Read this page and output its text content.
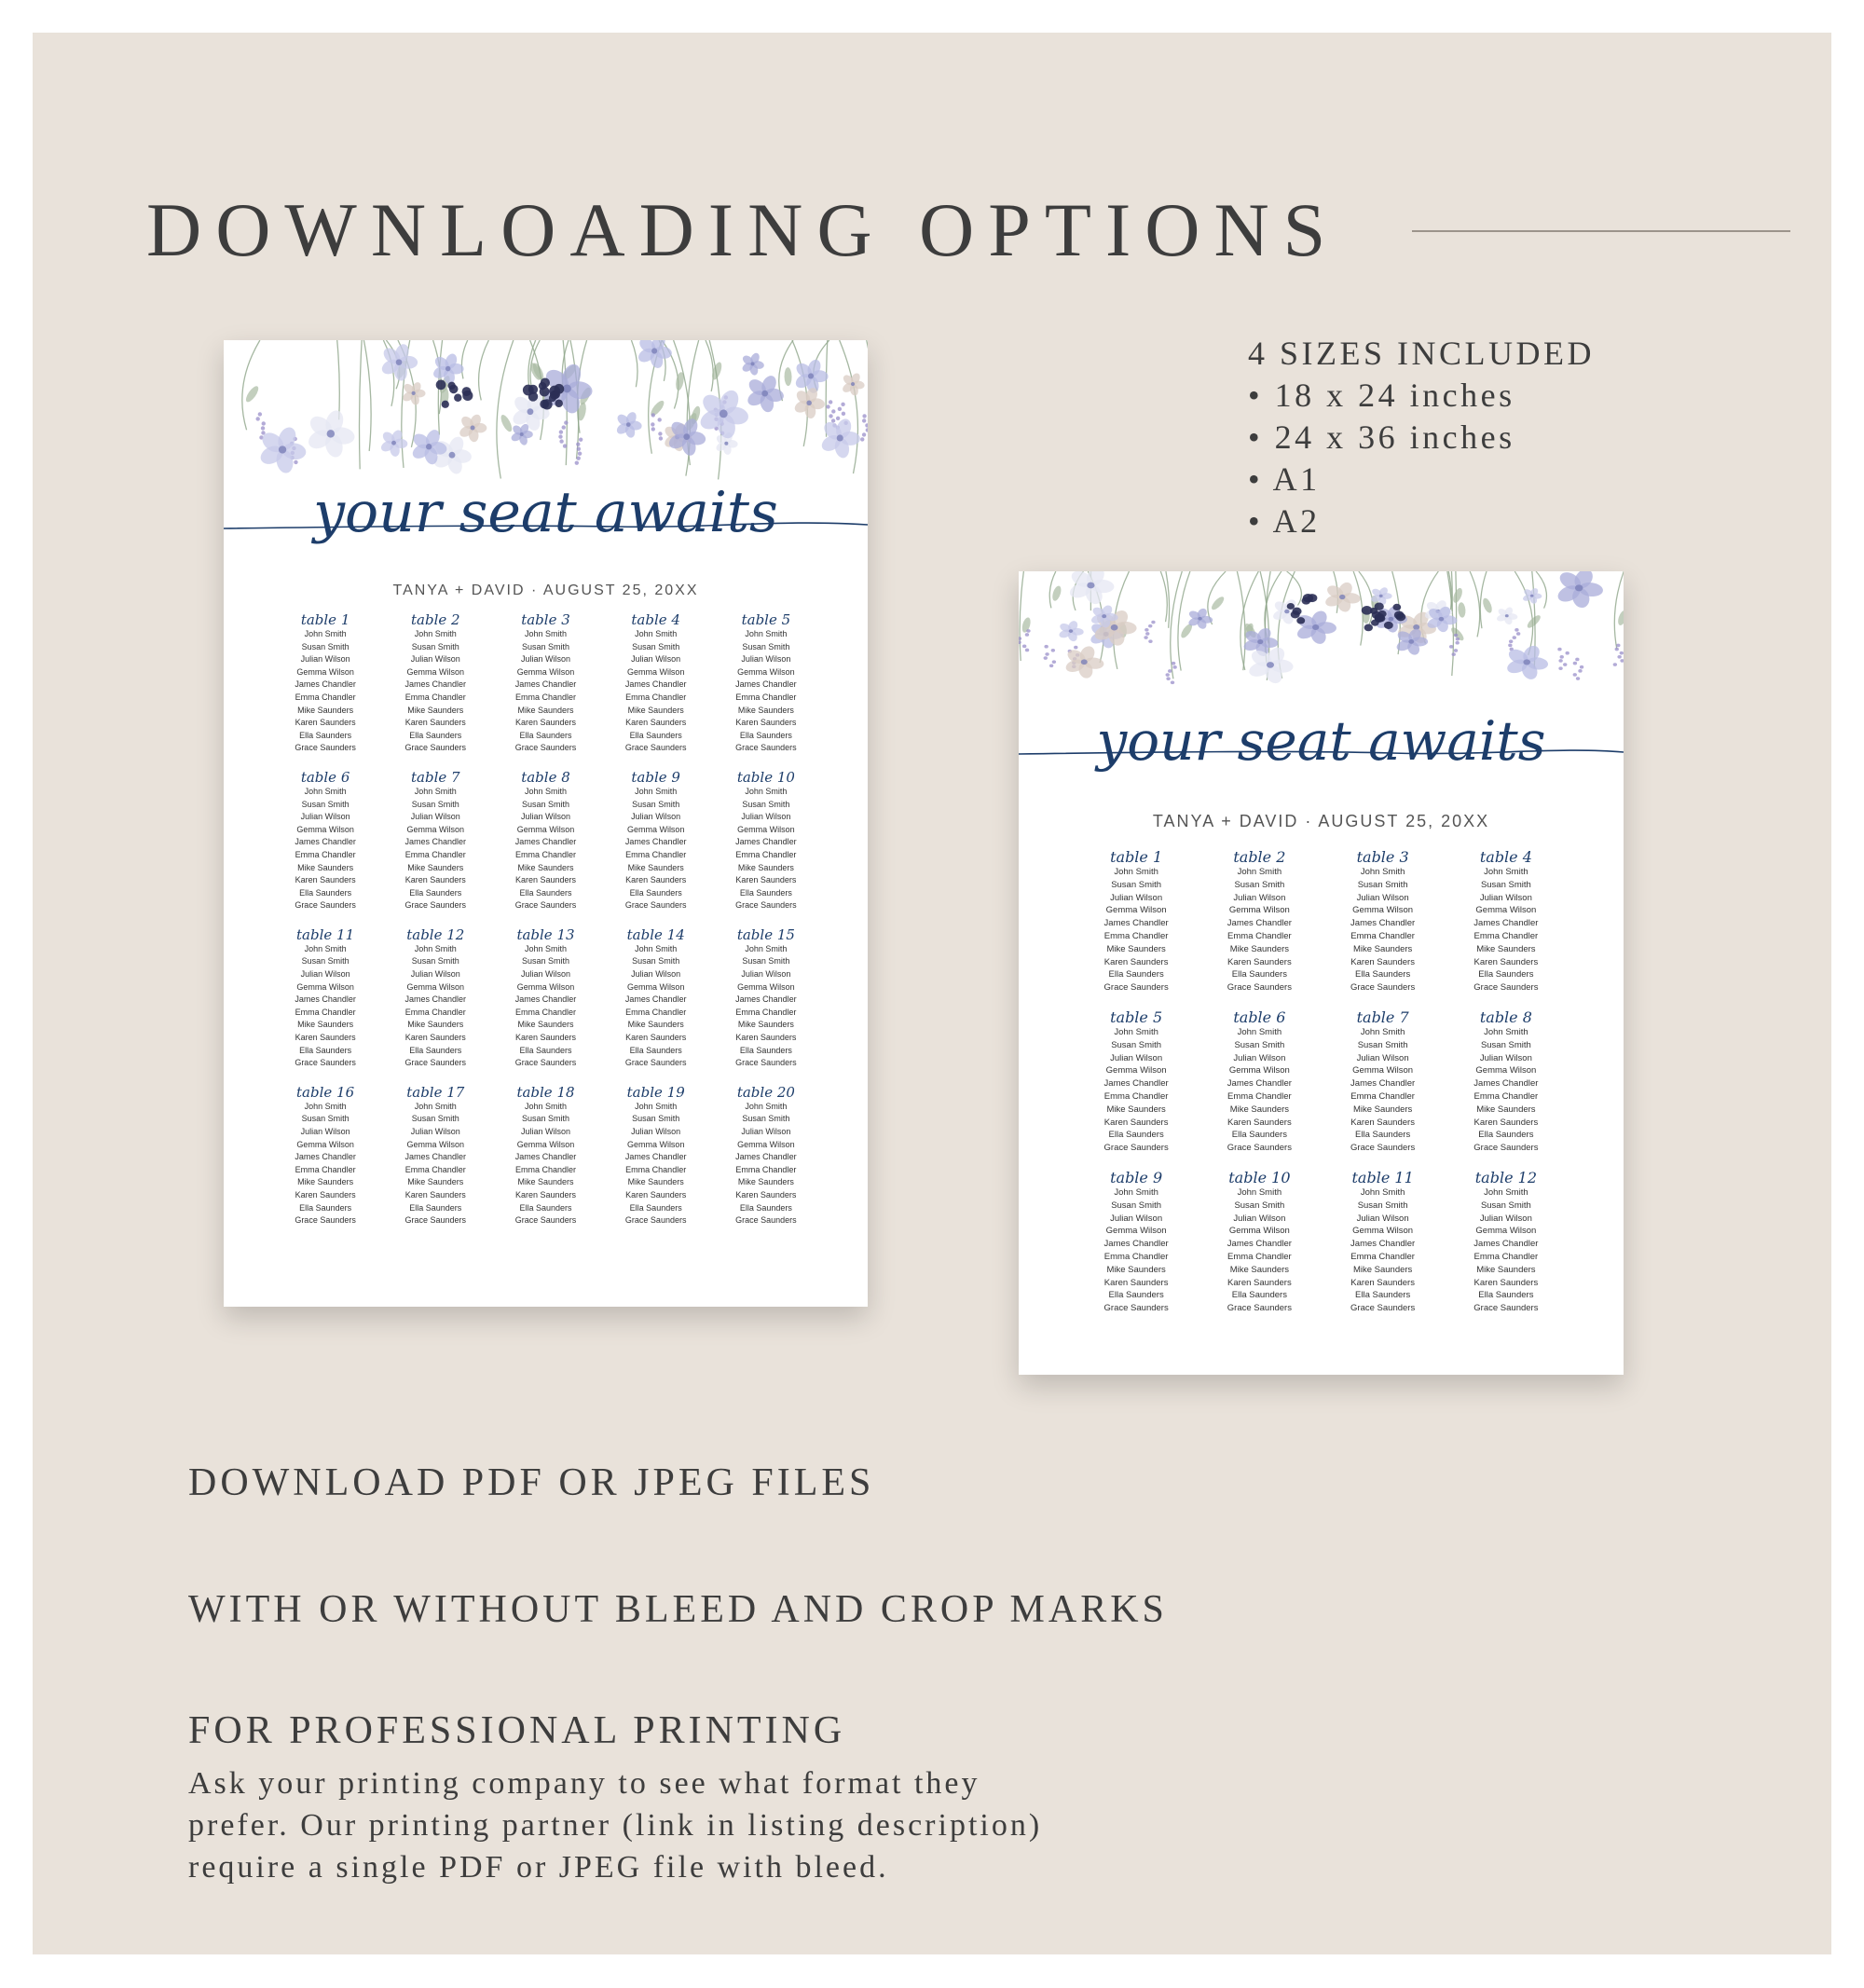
DOWNLOADING OPTIONS
4 SIZES INCLUDED
• 18 x 24 inches
• 24 x 36 inches
• A1
• A2
your seat awaits
TANYA + DAVID · AUGUST 25, 20XX
table 1
John Smith
Susan Smith
Julian Wilson
Gemma Wilson
James Chandler
Emma Chandler
Mike Saunders
Karen Saunders
Ella Saunders
Grace Saunders
table 2
John Smith
Susan Smith
Julian Wilson
Gemma Wilson
James Chandler
Emma Chandler
Mike Saunders
Karen Saunders
Ella Saunders
Grace Saunders
table 3
John Smith
Susan Smith
Julian Wilson
Gemma Wilson
James Chandler
Emma Chandler
Mike Saunders
Karen Saunders
Ella Saunders
Grace Saunders
table 4
John Smith
Susan Smith
Julian Wilson
Gemma Wilson
James Chandler
Emma Chandler
Mike Saunders
Karen Saunders
Ella Saunders
Grace Saunders
table 5
John Smith
Susan Smith
Julian Wilson
Gemma Wilson
James Chandler
Emma Chandler
Mike Saunders
Karen Saunders
Ella Saunders
Grace Saunders
table 6
John Smith
Susan Smith
Julian Wilson
Gemma Wilson
James Chandler
Emma Chandler
Mike Saunders
Karen Saunders
Ella Saunders
Grace Saunders
table 7
John Smith
Susan Smith
Julian Wilson
Gemma Wilson
James Chandler
Emma Chandler
Mike Saunders
Karen Saunders
Ella Saunders
Grace Saunders
table 8
John Smith
Susan Smith
Julian Wilson
Gemma Wilson
James Chandler
Emma Chandler
Mike Saunders
Karen Saunders
Ella Saunders
Grace Saunders
table 9
John Smith
Susan Smith
Julian Wilson
Gemma Wilson
James Chandler
Emma Chandler
Mike Saunders
Karen Saunders
Ella Saunders
Grace Saunders
table 10
John Smith
Susan Smith
Julian Wilson
Gemma Wilson
James Chandler
Emma Chandler
Mike Saunders
Karen Saunders
Ella Saunders
Grace Saunders
table 11
John Smith
Susan Smith
Julian Wilson
Gemma Wilson
James Chandler
Emma Chandler
Mike Saunders
Karen Saunders
Ella Saunders
Grace Saunders
table 12
John Smith
Susan Smith
Julian Wilson
Gemma Wilson
James Chandler
Emma Chandler
Mike Saunders
Karen Saunders
Ella Saunders
Grace Saunders
table 13
John Smith
Susan Smith
Julian Wilson
Gemma Wilson
James Chandler
Emma Chandler
Mike Saunders
Karen Saunders
Ella Saunders
Grace Saunders
table 14
John Smith
Susan Smith
Julian Wilson
Gemma Wilson
James Chandler
Emma Chandler
Mike Saunders
Karen Saunders
Ella Saunders
Grace Saunders
table 15
John Smith
Susan Smith
Julian Wilson
Gemma Wilson
James Chandler
Emma Chandler
Mike Saunders
Karen Saunders
Ella Saunders
Grace Saunders
table 16
John Smith
Susan Smith
Julian Wilson
Gemma Wilson
James Chandler
Emma Chandler
Mike Saunders
Karen Saunders
Ella Saunders
Grace Saunders
table 17
John Smith
Susan Smith
Julian Wilson
Gemma Wilson
James Chandler
Emma Chandler
Mike Saunders
Karen Saunders
Ella Saunders
Grace Saunders
table 18
John Smith
Susan Smith
Julian Wilson
Gemma Wilson
James Chandler
Emma Chandler
Mike Saunders
Karen Saunders
Ella Saunders
Grace Saunders
table 19
John Smith
Susan Smith
Julian Wilson
Gemma Wilson
James Chandler
Emma Chandler
Mike Saunders
Karen Saunders
Ella Saunders
Grace Saunders
table 20
John Smith
Susan Smith
Julian Wilson
Gemma Wilson
James Chandler
Emma Chandler
Mike Saunders
Karen Saunders
Ella Saunders
Grace Saunders
your seat awaits
TANYA + DAVID · AUGUST 25, 20XX
table 1
John Smith
Susan Smith
Julian Wilson
Gemma Wilson
James Chandler
Emma Chandler
Mike Saunders
Karen Saunders
Ella Saunders
Grace Saunders
table 2
John Smith
Susan Smith
Julian Wilson
Gemma Wilson
James Chandler
Emma Chandler
Mike Saunders
Karen Saunders
Ella Saunders
Grace Saunders
table 3
John Smith
Susan Smith
Julian Wilson
Gemma Wilson
James Chandler
Emma Chandler
Mike Saunders
Karen Saunders
Ella Saunders
Grace Saunders
table 4
John Smith
Susan Smith
Julian Wilson
Gemma Wilson
James Chandler
Emma Chandler
Mike Saunders
Karen Saunders
Ella Saunders
Grace Saunders
table 5
John Smith
Susan Smith
Julian Wilson
Gemma Wilson
James Chandler
Emma Chandler
Mike Saunders
Karen Saunders
Ella Saunders
Grace Saunders
table 6
John Smith
Susan Smith
Julian Wilson
Gemma Wilson
James Chandler
Emma Chandler
Mike Saunders
Karen Saunders
Ella Saunders
Grace Saunders
table 7
John Smith
Susan Smith
Julian Wilson
Gemma Wilson
James Chandler
Emma Chandler
Mike Saunders
Karen Saunders
Ella Saunders
Grace Saunders
table 8
John Smith
Susan Smith
Julian Wilson
Gemma Wilson
James Chandler
Emma Chandler
Mike Saunders
Karen Saunders
Ella Saunders
Grace Saunders
table 9
John Smith
Susan Smith
Julian Wilson
Gemma Wilson
James Chandler
Emma Chandler
Mike Saunders
Karen Saunders
Ella Saunders
Grace Saunders
table 10
John Smith
Susan Smith
Julian Wilson
Gemma Wilson
James Chandler
Emma Chandler
Mike Saunders
Karen Saunders
Ella Saunders
Grace Saunders
table 11
John Smith
Susan Smith
Julian Wilson
Gemma Wilson
James Chandler
Emma Chandler
Mike Saunders
Karen Saunders
Ella Saunders
Grace Saunders
table 12
John Smith
Susan Smith
Julian Wilson
Gemma Wilson
James Chandler
Emma Chandler
Mike Saunders
Karen Saunders
Ella Saunders
Grace Saunders
DOWNLOAD PDF OR JPEG FILES
WITH OR WITHOUT BLEED AND CROP MARKS
FOR PROFESSIONAL PRINTING
Ask your printing company to see what format they
prefer. Our printing partner (link in listing description)
require a single PDF or JPEG file with bleed.
